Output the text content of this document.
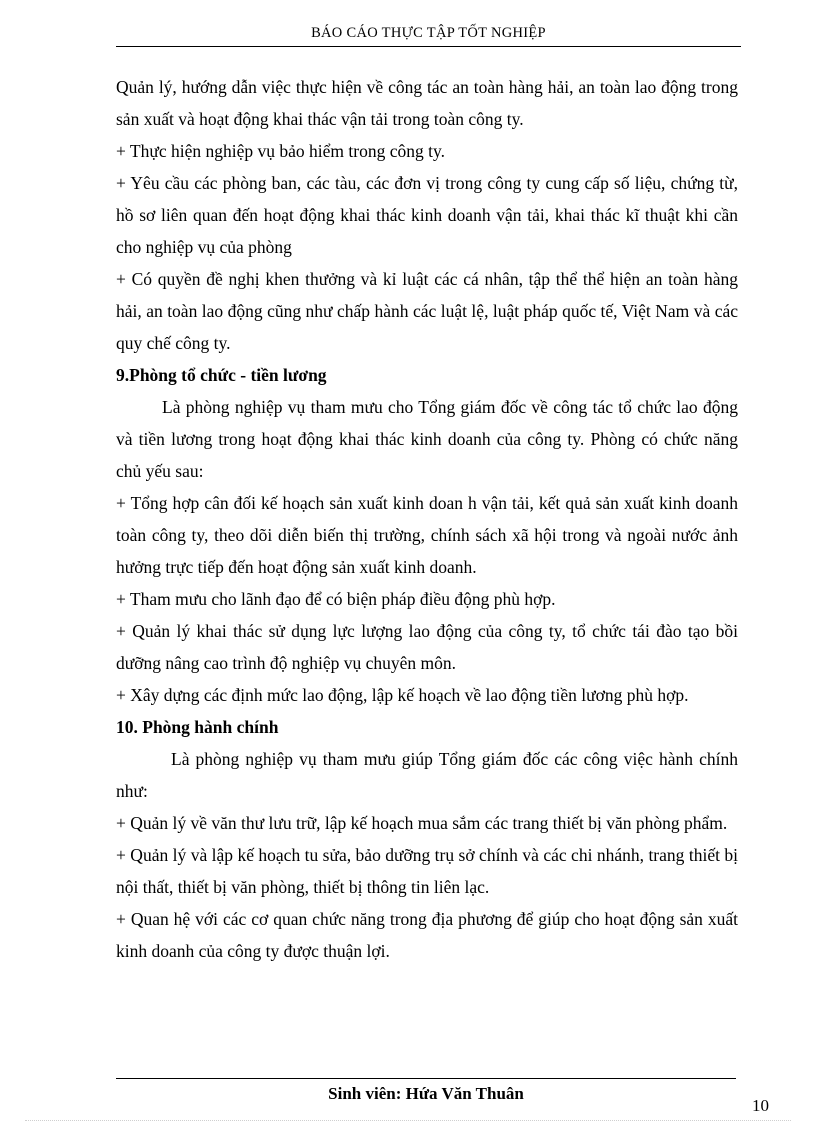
BÁO CÁO THỰC TẬP TỐT NGHIỆP

Quản lý, hướng dẫn việc thực hiện về công tác an toàn hàng hải, an toàn lao động trong sản xuất và hoạt động khai thác vận tải trong toàn công ty.

+ Thực hiện nghiệp vụ bảo hiểm trong công ty.

+ Yêu cầu các phòng ban, các tàu, các đơn vị trong công ty cung cấp số liệu, chứng từ, hồ sơ liên quan đến hoạt động khai thác kinh doanh vận tải, khai thác kĩ thuật khi cần cho nghiệp vụ của phòng

+ Có quyền đề nghị khen thưởng và kỉ luật các cá nhân, tập thể thể hiện an toàn hàng hải, an toàn lao động cũng như chấp hành các luật lệ, luật pháp quốc tế, Việt Nam và các quy chế công ty.

9.Phòng tổ chức - tiền lương

Là phòng nghiệp vụ tham mưu cho Tổng giám đốc về công tác tổ chức lao động và tiền lương trong hoạt động khai thác kinh doanh của công ty. Phòng có chức năng chủ yếu sau:

+ Tổng hợp cân đối kế hoạch sản xuất kinh doan h vận tải, kết quả sản xuất kinh doanh toàn công ty, theo dõi diễn biến thị trường, chính sách xã hội trong và ngoài nước ảnh hưởng trực tiếp đến hoạt động sản xuất kinh doanh.

+ Tham mưu cho lãnh đạo để có biện pháp điều động phù hợp.

+ Quản lý khai thác sử dụng lực lượng lao động của công ty, tổ chức tái đào tạo bồi dưỡng nâng cao trình độ nghiệp vụ chuyên môn.

+ Xây dựng các định mức lao động, lập kế hoạch về lao động tiền lương phù hợp.

10. Phòng hành chính

Là phòng nghiệp vụ tham mưu giúp Tổng giám đốc các công việc hành chính như:

+ Quản lý về văn thư lưu trữ, lập kế hoạch mua sắm các trang thiết bị văn phòng phẩm.

+ Quản lý và lập kế hoạch tu sửa, bảo dưỡng trụ sở chính và các chi nhánh, trang thiết bị nội thất, thiết bị văn phòng, thiết bị thông tin liên lạc.

+ Quan hệ với các cơ quan chức năng trong địa phương để giúp cho hoạt động sản xuất kinh doanh của công ty được thuận lợi.

Sinh viên: Hứa Văn Thuân
10
